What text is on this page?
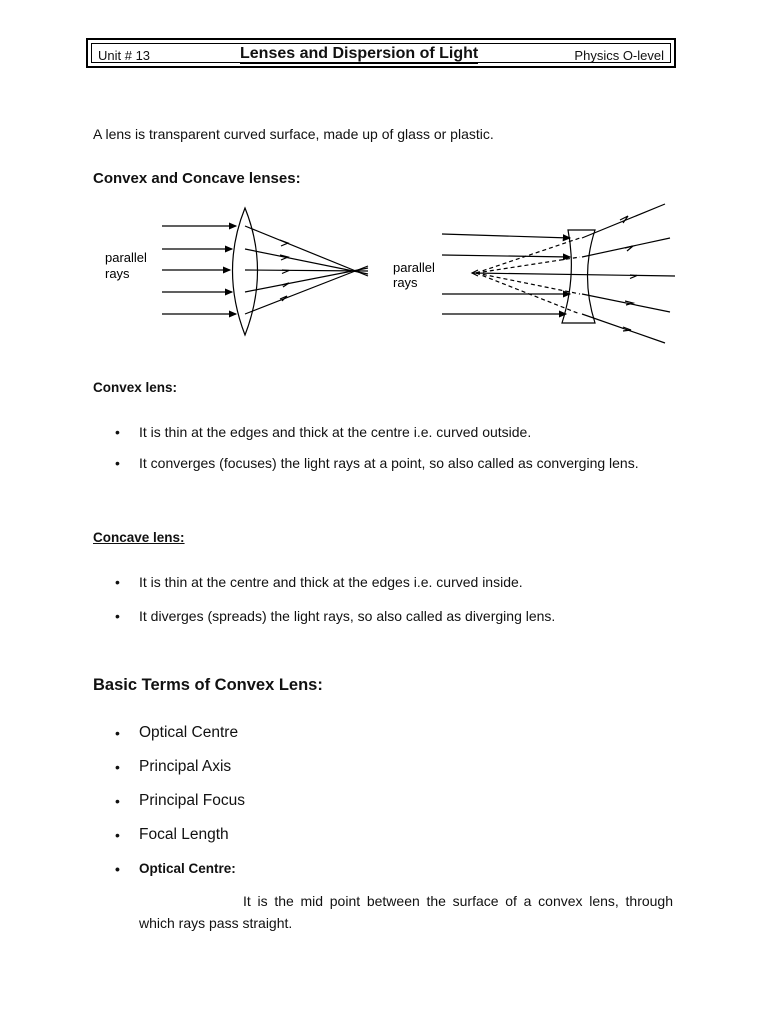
Unit # 13	Lenses and Dispersion of Light	Physics O-level
A lens is transparent curved surface, made up of glass or plastic.
Convex and Concave lenses:
parallel
rays	parallel
rays
Convex lens:
• It is thin at the edges and thick at the centre i.e. curved outside.
• It converges (focuses) the light rays at a point, so also called as converging lens.
Concave lens:
• It is thin at the centre and thick at the edges i.e. curved inside.
• It diverges (spreads) the light rays, so also called as diverging lens.
Basic Terms of Convex Lens:
• Optical Centre
• Principal Axis
• Principal Focus
• Focal Length
• Optical Centre:
It is the mid point between the surface of a convex lens, through which rays pass straight.
